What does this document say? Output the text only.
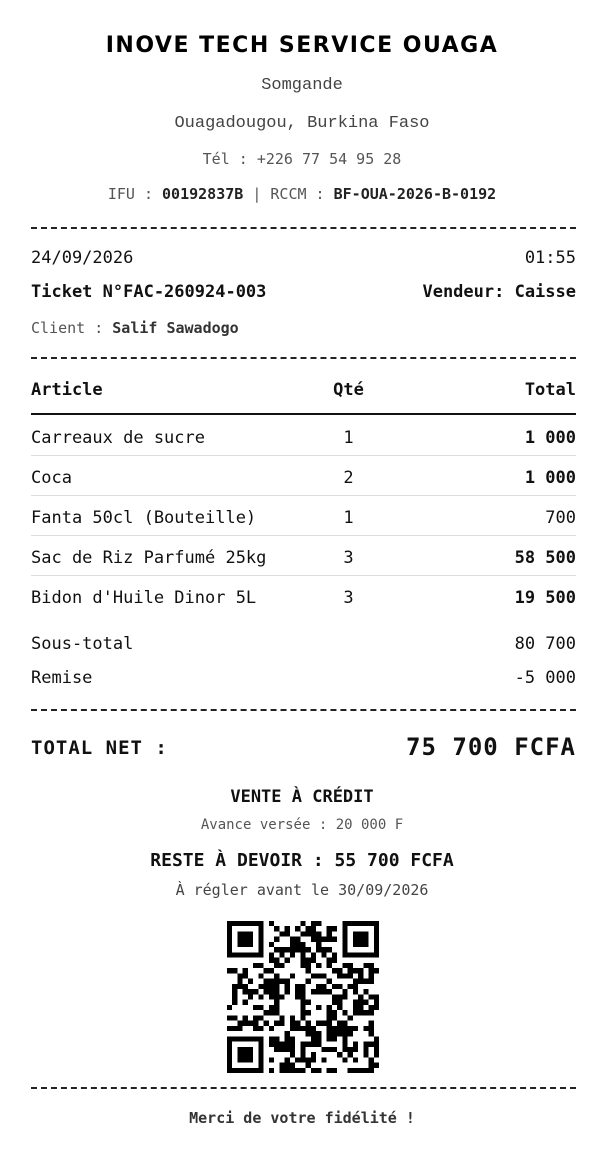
INOVE TECH SERVICE OUAGA
Somgande
Ouagadougou, Burkina Faso
Tél : +226 77 54 95 28
IFU : 00192837B | RCCM : BF-OUA-2026-B-0192
24/09/2026	01:55
Ticket N°FAC-260924-003	Vendeur: Caisse
Client : Salif Sawadogo
Article	Qté	Total
Carreaux de sucre	1	1 000
Coca	2	1 000
Fanta 50cl (Bouteille)	1	700
Sac de Riz Parfumé 25kg	3	58 500
Bidon d'Huile Dinor 5L	3	19 500
Sous-total	80 700
Remise	-5 000
TOTAL NET :	75 700 FCFA
VENTE À CRÉDIT
Avance versée : 20 000 F
RESTE À DEVOIR : 55 700 FCFA
À régler avant le 30/09/2026
Merci de votre fidélité !
